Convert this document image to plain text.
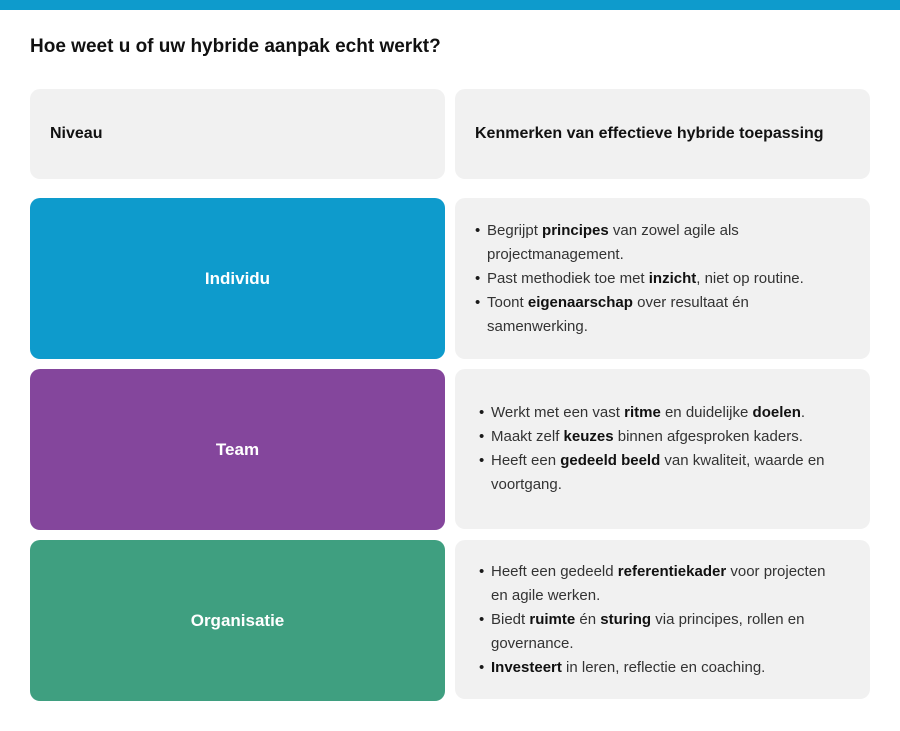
Hoe weet u of uw hybride aanpak echt werkt?
Niveau	Kenmerken van effectieve hybride toepassing
Individu
• Begrijpt principes van zowel agile als projectmanagement.
• Past methodiek toe met inzicht, niet op routine.
• Toont eigenaarschap over resultaat én samenwerking.
Team
• Werkt met een vast ritme en duidelijke doelen.
• Maakt zelf keuzes binnen afgesproken kaders.
• Heeft een gedeeld beeld van kwaliteit, waarde en voortgang.
Organisatie
• Heeft een gedeeld referentiekader voor projecten en agile werken.
• Biedt ruimte én sturing via principes, rollen en governance.
• Investeert in leren, reflectie en coaching.
